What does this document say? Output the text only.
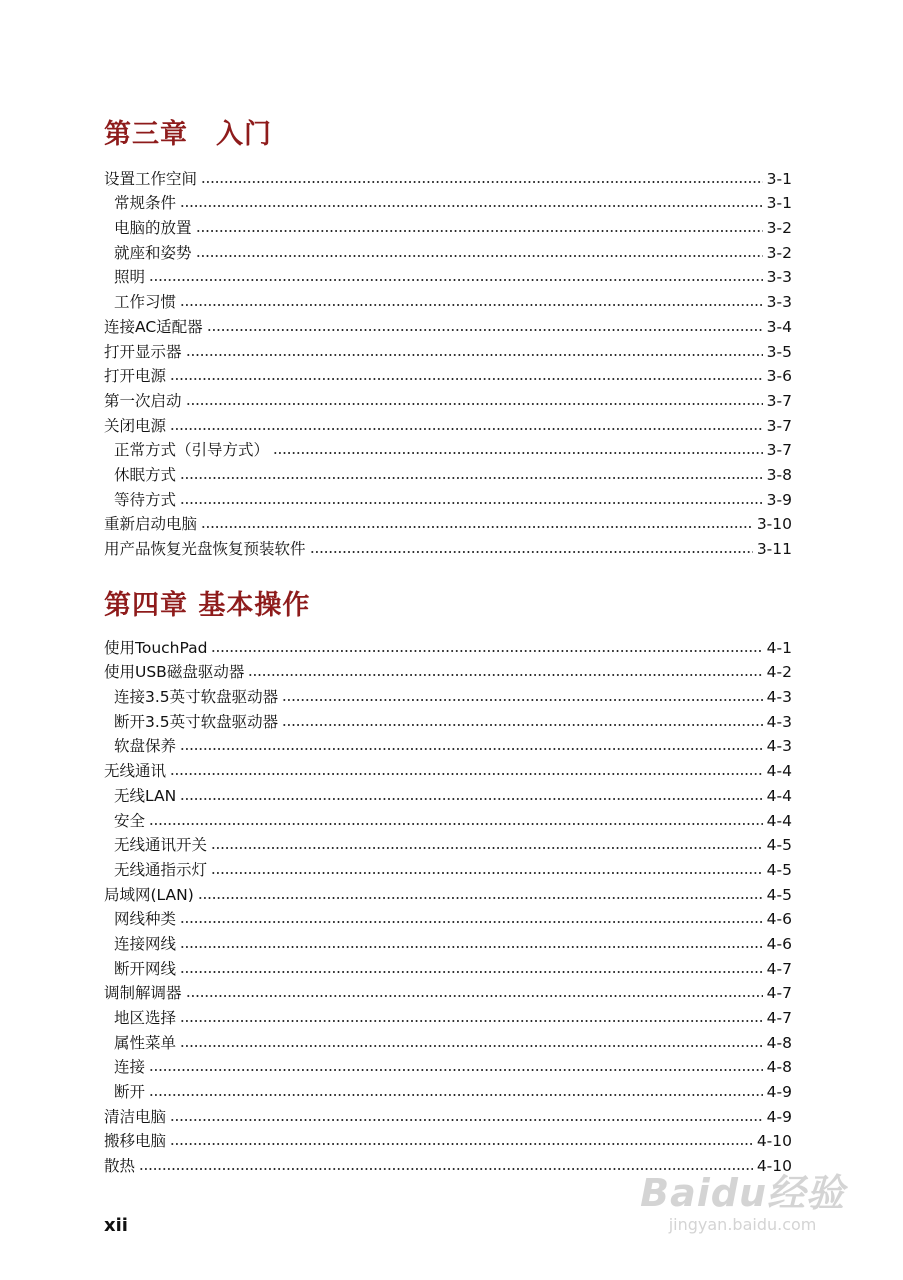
第三章　入门
设置工作空间	3-1
常规条件	3-1
电脑的放置	3-2
就座和姿势	3-2
照明	3-3
工作习惯	3-3
连接AC适配器	3-4
打开显示器	3-5
打开电源	3-6
第一次启动	3-7
关闭电源	3-7
正常方式（引导方式）	3-7
休眠方式	3-8
等待方式	3-9
重新启动电脑	3-10
用产品恢复光盘恢复预装软件	3-11
第四章 基本操作
使用TouchPad	4-1
使用USB磁盘驱动器	4-2
连接3.5英寸软盘驱动器	4-3
断开3.5英寸软盘驱动器	4-3
软盘保养	4-3
无线通讯	4-4
无线LAN	4-4
安全	4-4
无线通讯开关	4-5
无线通指示灯	4-5
局域网(LAN)	4-5
网线种类	4-6
连接网线	4-6
断开网线	4-7
调制解调器	4-7
地区选择	4-7
属性菜单	4-8
连接	4-8
断开	4-9
清洁电脑	4-9
搬移电脑	4-10
散热	4-10
xii
Baidu经验
jingyan.baidu.com
